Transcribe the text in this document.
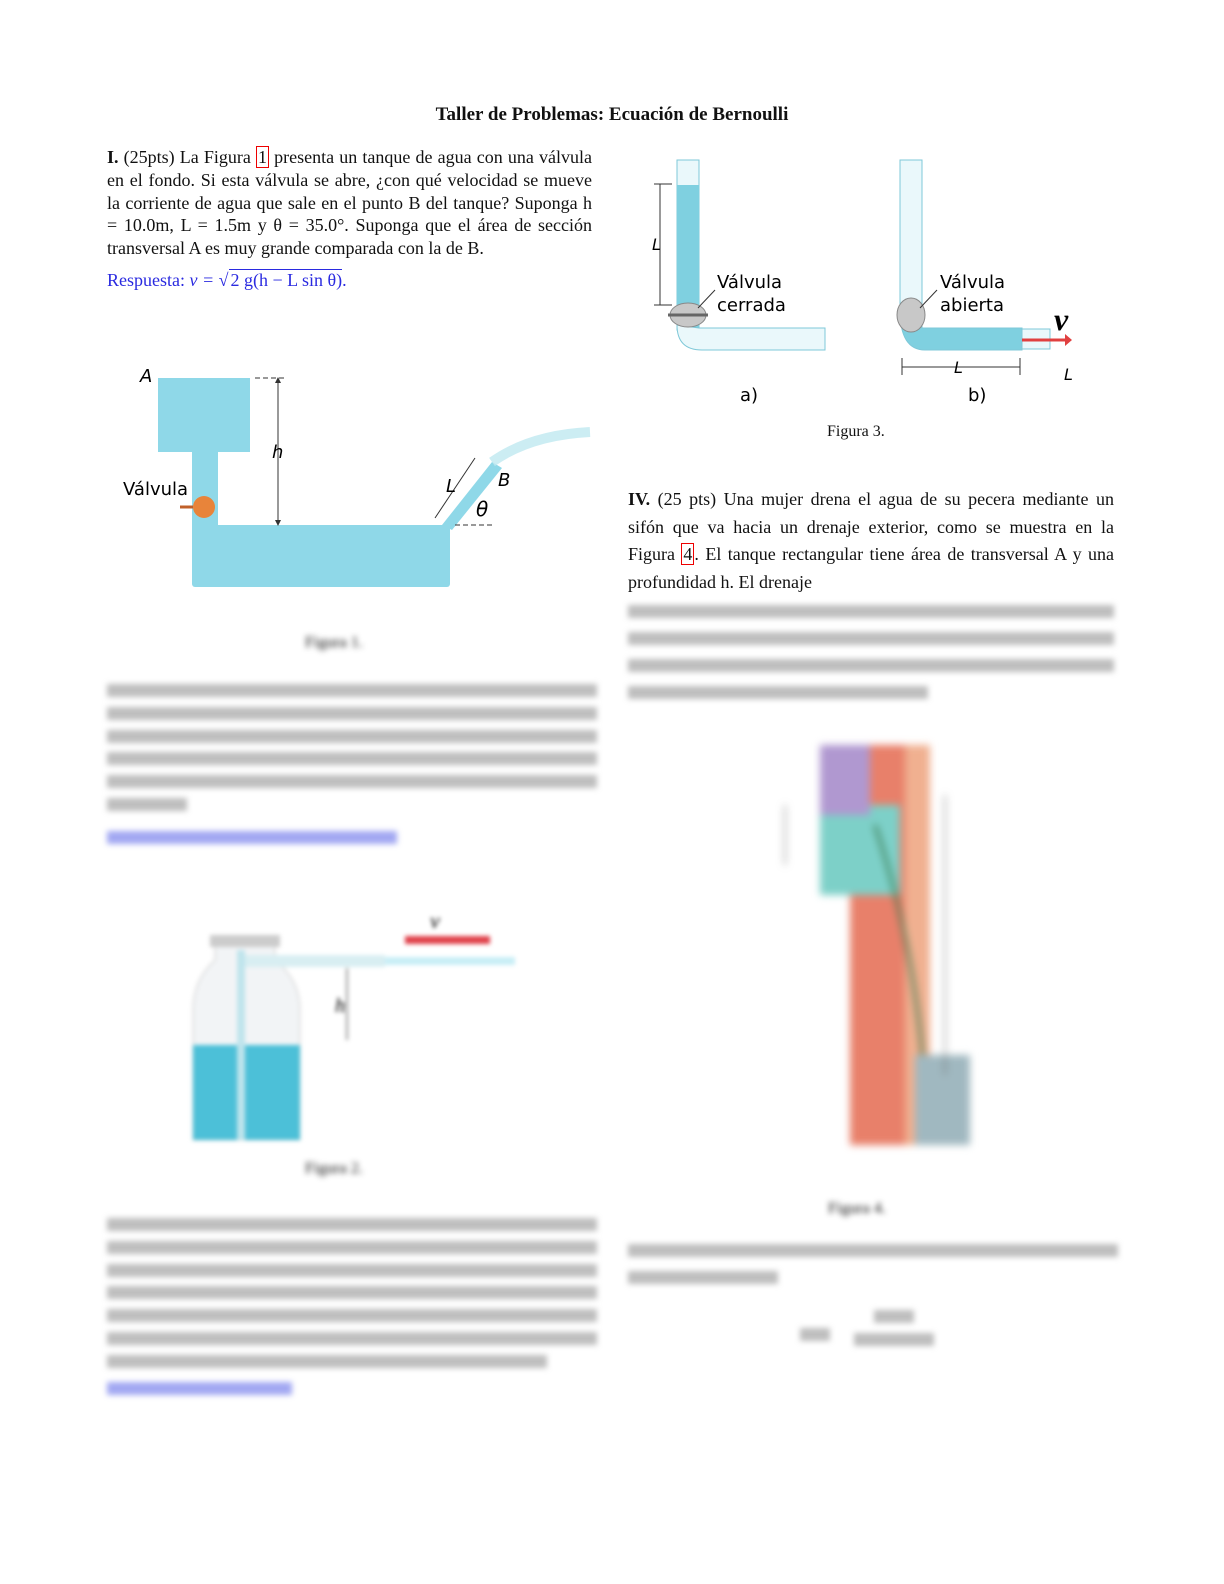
Taller de Problemas: Ecuación de Bernoulli
I. (25pts) La Figura 1 presenta un tanque de agua con una válvula en el fondo. Si esta válvula se abre, ¿con qué velocidad se mueve la corriente de agua que sale en el punto B del tanque? Suponga h = 10.0m, L = 1.5m y θ = 35.0°. Suponga que el área de sección transversal A es muy grande comparada con la de B.
Respuesta: ν = √ 2 g(h − L sin θ).
A
h
Válvula	L B
θ
Figura 1.
v
h
Figura 2.
L
Válvula
cerrada
a)
Válvula
abierta
L
ν
L
b)
Figura 3.
IV. (25 pts) Una mujer drena el agua de su pecera mediante un sifón que va hacia un drenaje exterior, como se muestra en la Figura 4 . El tanque rectangular tiene área de transversal A y una profundidad h. El drenaje
Figura 4.
